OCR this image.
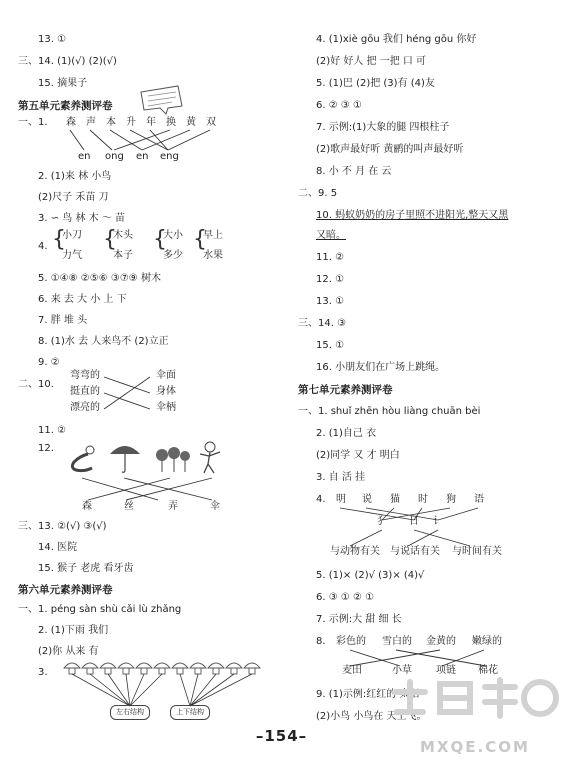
13. ①
三、14. (1)(√) (2)(√)
15. 摘果子
第五单元素养测评卷
一、1. 森 声 本 升 年 换 黄 双
en ong en eng
2. (1)来 林 小鸟
(2)尺子 禾苗 刀
3. ∽ 鸟 林 木 ～ 苗
4. {
小刀
力气
{
木头
本子
{
大小
多少
{
早上
水果
5. ①④⑧ ②⑤⑥ ③⑦⑨ 树木
6. 来 去 大 小 上 下
7. 胖 堆 头
8. (1)水 去 人来鸟不 (2)立正
9. ②
二、10.
弯弯的
挺直的
漂亮的
伞面
身体
伞柄
11. ②
12.
森	丝	弄	伞
三、13. ②(√) ③(√)
14. 医院
15. 猴子 老虎 看牙齿
第六单元素养测评卷
一、1. péng sàn shù cǎi lù zhǎng
2. (1)下雨 我们
(2)你 从来 有
3.
左右结构	上下结构
4. (1)xiè gōu 我们 héng gōu 你好
(2)好 好人 把 一把 口 可
5. (1)巴 (2)把 (3)有 (4)友
6. ② ③ ①
7. 示例:(1)大象的腿 四根柱子
(2)歌声最好听 黄鹂的叫声最好听
8. 小 不 月 在 云
二、9. 5
10. 蚂蚁奶奶的房子里照不进阳光,整天又黑
又暗。
11. ②
12. ①
13. ①
三、14. ③
15. ①
16. 小朋友们在广场上跳绳。
第七单元素养测评卷
一、1. shuǐ zhēn hòu liàng chuān bèi
2. (1)自己 衣
(2)同学 又 才 明白
3. 自 活 挂
4. 明 说 猫 时 狗 语
犭 日 讠
与动物有关 与说话有关 与时间有关
5. (1)× (2)√ (3)× (4)√
6. ③ ① ② ①
7. 示例:大 甜 细 长
8. 彩色的 雪白的 金黄的 嫩绿的
麦田	小草 项链 棉花
9. (1)示例:红红的 太阳
(2)小鸟 小鸟在 天上飞。
–154–
MXQE.COM
